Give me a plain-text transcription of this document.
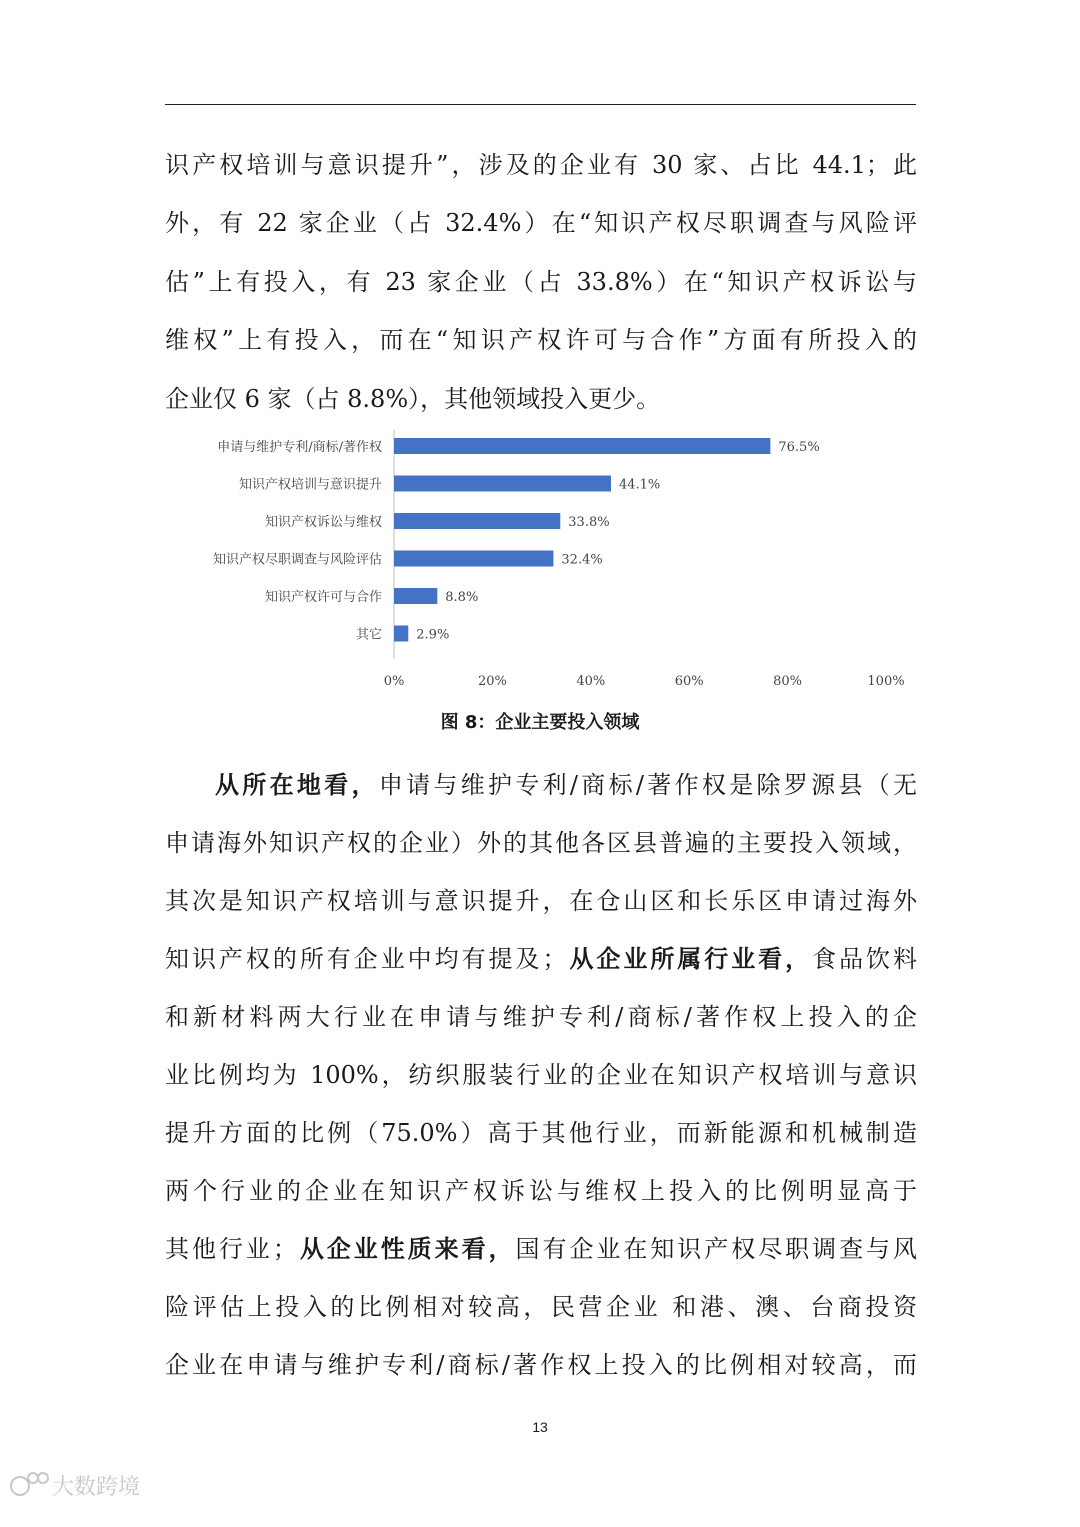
识产权培训与意识提升”，涉及的企业有 30 家、占比 44.1；此
外，有 22 家企业（占 32.4%）在“知识产权尽职调查与风险评
估”上有投入，有 23 家企业（占 33.8%）在“知识产权诉讼与
维权”上有投入，而在“知识产权许可与合作”方面有所投入的
企业仅 6 家（占 8.8%），其他领域投入更少。
申请与维护专利/商标/著作权	76.5%
知识产权培训与意识提升	44.1%
知识产权诉讼与维权	33.8%
知识产权尽职调查与风险评估	32.4%
知识产权许可与合作	8.8%
其它	2.9%
0%	20%	40%	60%	80%	100%
图 8：企业主要投入领域
从所在地看，申请与维护专利/商标/著作权是除罗源县（无
申请海外知识产权的企业）外的其他各区县普遍的主要投入领域，
其次是知识产权培训与意识提升，在仓山区和长乐区申请过海外
知识产权的所有企业中均有提及；从企业所属行业看，食品饮料
和新材料两大行业在申请与维护专利/商标/著作权上投入的企
业比例均为 100%，纺织服装行业的企业在知识产权培训与意识
提升方面的比例（75.0%）高于其他行业，而新能源和机械制造
两个行业的企业在知识产权诉讼与维权上投入的比例明显高于
其他行业；从企业性质来看，国有企业在知识产权尽职调查与风
险评估上投入的比例相对较高，民营企业 和港、澳、台商投资
企业在申请与维护专利/商标/著作权上投入的比例相对较高，而
13
大数跨境
